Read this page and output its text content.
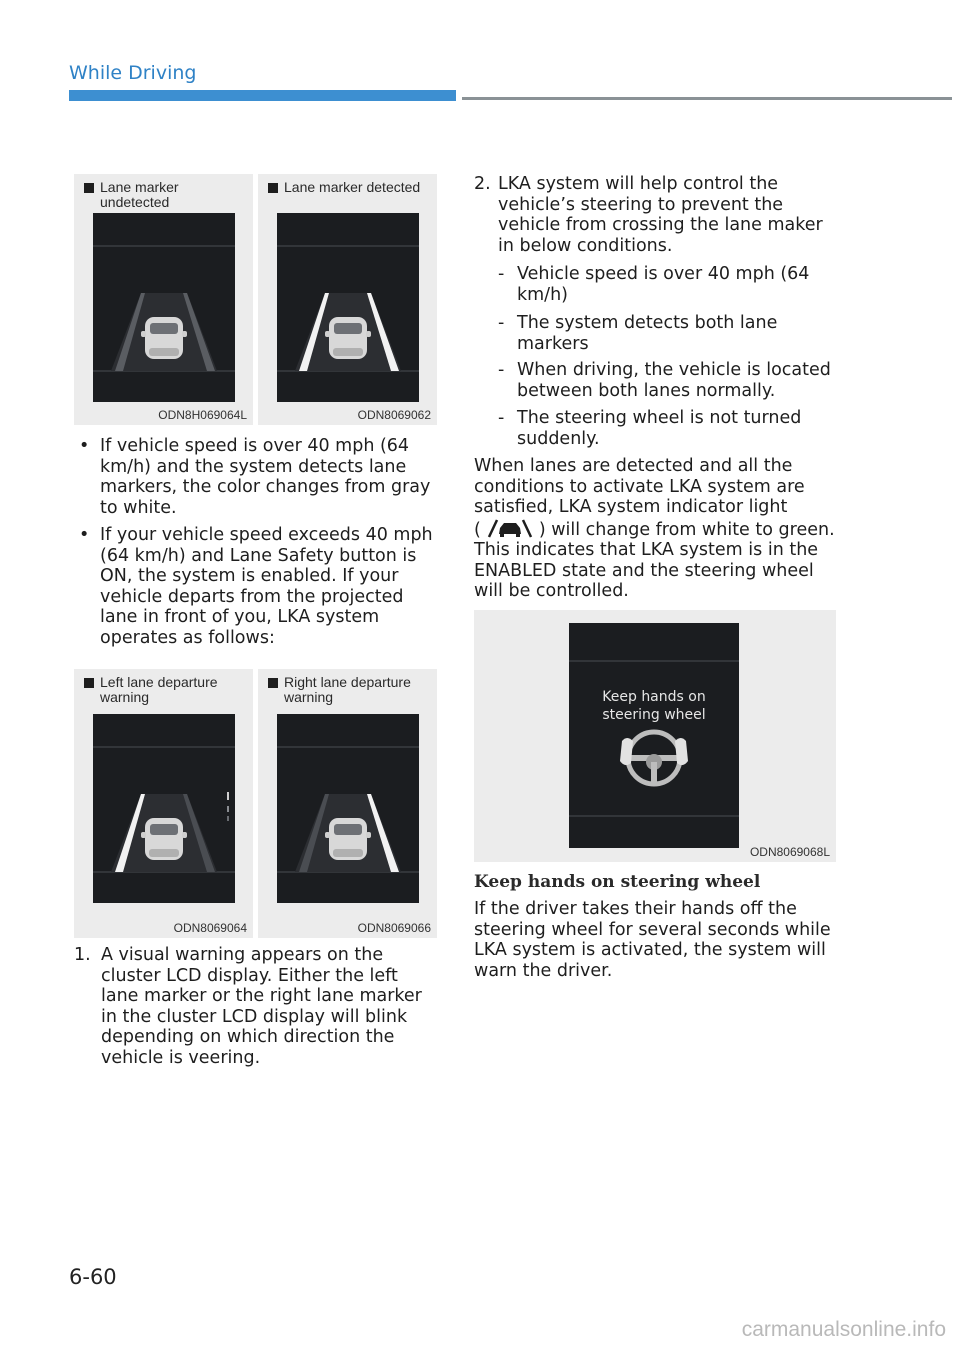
While Driving
Lane marker undetected
ODN8H069064L
Lane marker detected
ODN8069062
• If vehicle speed is over 40 mph (64 km/h) and the system detects lane markers, the color changes from gray to white.
• If your vehicle speed exceeds 40 mph (64 km/h) and Lane Safety button is ON, the system is enabled. If your vehicle departs from the projected lane in front of you, LKA system operates as follows:
Left lane departure warning
ODN8069064
Right lane departure warning
ODN8069066
1. A visual warning appears on the cluster LCD display. Either the left lane marker or the right lane marker in the cluster LCD display will blink depending on which direction the vehicle is veering.
2. LKA system will help control the vehicle’s steering to prevent the vehicle from crossing the lane maker in below conditions.
- Vehicle speed is over 40 mph (64 km/h)
- The system detects both lane markers
- When driving, the vehicle is located between both lanes normally.
- The steering wheel is not turned suddenly.
When lanes are detected and all the conditions to activate LKA system are satisfied, LKA system indicator light
(	) will change from white to green. This indicates that LKA system is in the ENABLED state and the steering wheel will be controlled.
Keep hands on
steering wheel
ODN8069068L
Keep hands on steering wheel
If the driver takes their hands off the steering wheel for several seconds while LKA system is activated, the system will warn the driver.
6-60
carmanualsonline.info
